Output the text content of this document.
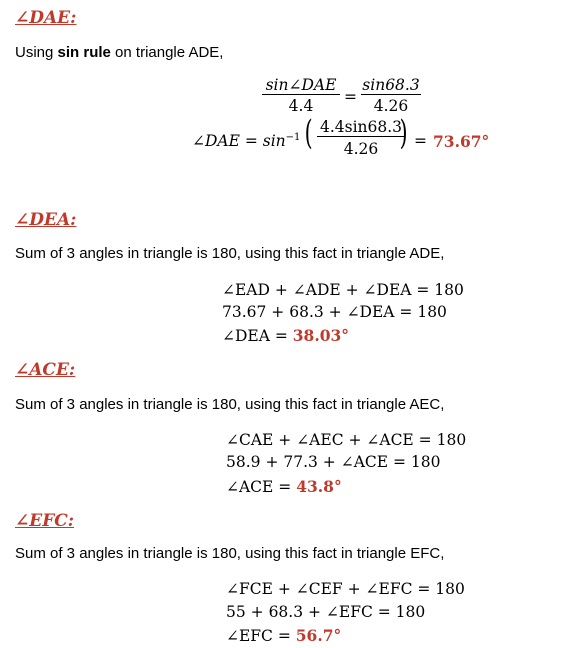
∠DAE:
Using sin rule on triangle ADE,
sin∠DAE
4.4	= $\frac{\sin 68.3}{4.26}$
∠DAE = $\sin^{-1}$ ( $\frac{4.4\sin 68.3}{4.26}$
) = 73.67°
∠DEA:
Sum of 3 angles in triangle is 180, using this fact in triangle ADE,
∠EAD + ∠ADE + ∠DEA = 180
73.67 + 68.3 + ∠DEA = 180
∠DEA = 38.03°
∠ACE:
Sum of 3 angles in triangle is 180, using this fact in triangle AEC,
∠CAE + ∠AEC + ∠ACE = 180
58.9 + 77.3 + ∠ACE = 180
∠ACE = 43.8°
∠EFC:
Sum of 3 angles in triangle is 180, using this fact in triangle EFC,
∠FCE + ∠CEF + ∠EFC = 180
55 + 68.3 + ∠EFC = 180
∠EFC = 56.7°
